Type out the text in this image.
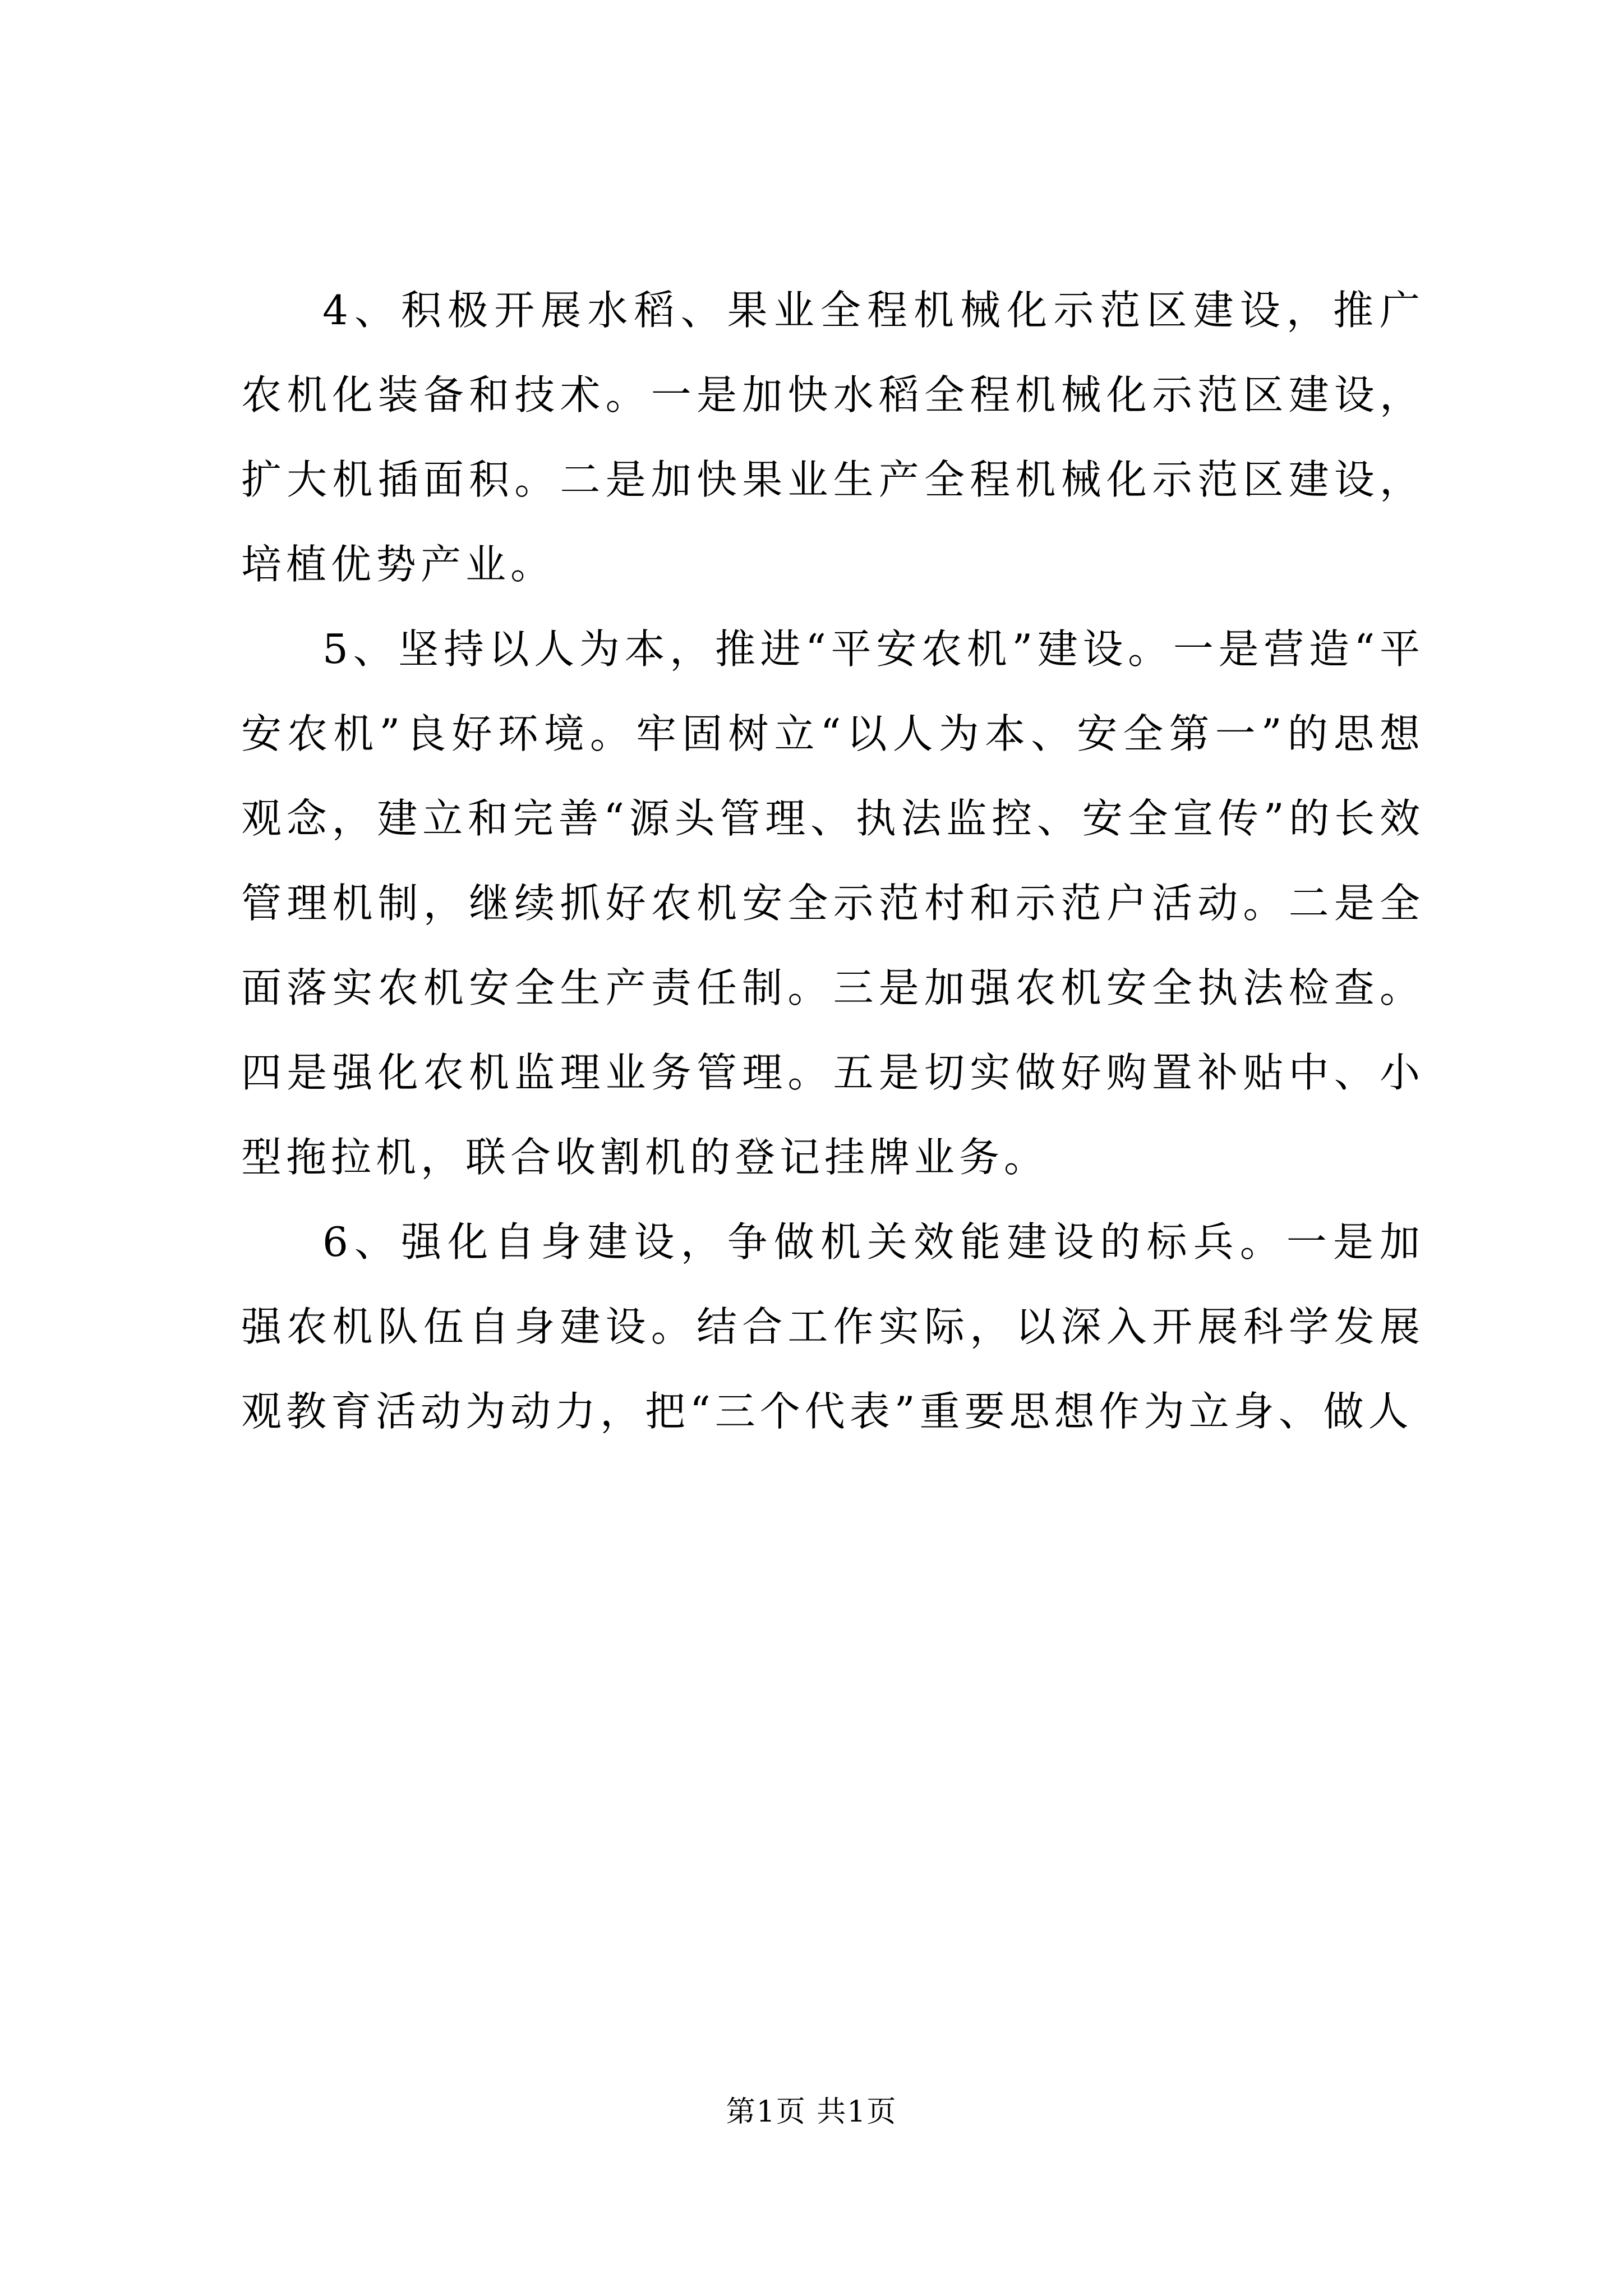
4、积极开展水稻、果业全程机械化示范区建设，推广农机化装备和技术。一是加快水稻全程机械化示范区建设，扩大机插面积。二是加快果业生产全程机械化示范区建设，培植优势产业。

5、坚持以人为本，推进“平安农机”建设。一是营造“平安农机”良好环境。牢固树立“以人为本、安全第一”的思想观念，建立和完善“源头管理、执法监控、安全宣传”的长效管理机制，继续抓好农机安全示范村和示范户活动。二是全面落实农机安全生产责任制。三是加强农机安全执法检查。四是强化农机监理业务管理。五是切实做好购置补贴中、小型拖拉机，联合收割机的登记挂牌业务。

6、强化自身建设，争做机关效能建设的标兵。一是加强农机队伍自身建设。结合工作实际，以深入开展科学发展观教育活动为动力，把“三个代表”重要思想作为立身、做人

第1页 共1页
